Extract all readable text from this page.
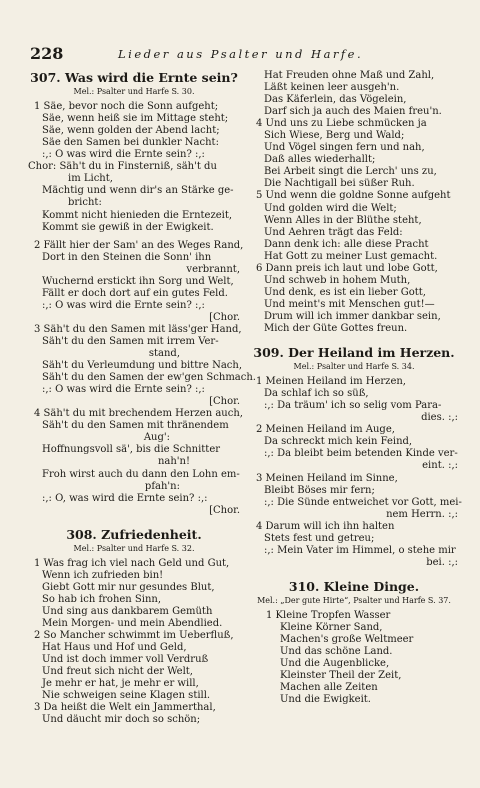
228	Lieder aus Psalter und Harfe.
307. Was wird die Ernte sein?
Mel.: Psalter und Harfe S. 30.
1 Säe, bevor noch die Sonn aufgeht;
Säe, wenn heiß sie im Mittage steht;
Säe, wenn golden der Abend lacht;
Säe den Samen bei dunkler Nacht:
:,: O was wird die Ernte sein? :,:
Chor: Säh't du in Finsterniß, säh't du
im Licht,
Mächtig und wenn dir's an Stärke ge-
bricht:
Kommt nicht hienieden die Erntezeit,
Kommt sie gewiß in der Ewigkeit.
2 Fällt hier der Sam' an des Weges Rand,
Dort in den Steinen die Sonn' ihn
verbrannt,
Wuchernd erstickt ihn Sorg und Welt,
Fällt er doch dort auf ein gutes Feld.
:,: O was wird die Ernte sein? :,:
[Chor.
3 Säh't du den Samen mit läss'ger Hand,
Säh't du den Samen mit irrem Ver-
stand,
Säh't du Verleumdung und bittre Nach,
Säh't du den Samen der ew'gen Schmach.
:,: O was wird die Ernte sein? :,:
[Chor.
4 Säh't du mit brechendem Herzen auch,
Säh't du den Samen mit thränendem
Aug':
Hoffnungsvoll sä', bis die Schnitter
nah'n!
Froh wirst auch du dann den Lohn em-
pfah'n:
:,: O, was wird die Ernte sein? :,:
[Chor.
308. Zufriedenheit.
Mel.: Psalter und Harfe S. 32.
1 Was frag ich viel nach Geld und Gut,
Wenn ich zufrieden bin!
Giebt Gott mir nur gesundes Blut,
So hab ich frohen Sinn,
Und sing aus dankbarem Gemüth
Mein Morgen- und mein Abendlied.
2 So Mancher schwimmt im Ueberfluß,
Hat Haus und Hof und Geld,
Und ist doch immer voll Verdruß
Und freut sich nicht der Welt,
Je mehr er hat, je mehr er will,
Nie schweigen seine Klagen still.
3 Da heißt die Welt ein Jammerthal,
Und däucht mir doch so schön;
Hat Freuden ohne Maß und Zahl,
Läßt keinen leer ausgeh'n.
Das Käferlein, das Vögelein,
Darf sich ja auch des Maien freu'n.
4 Und uns zu Liebe schmücken ja
Sich Wiese, Berg und Wald;
Und Vögel singen fern und nah,
Daß alles wiederhallt;
Bei Arbeit singt die Lerch' uns zu,
Die Nachtigall bei süßer Ruh.
5 Und wenn die goldne Sonne aufgeht
Und golden wird die Welt;
Wenn Alles in der Blüthe steht,
Und Aehren trägt das Feld:
Dann denk ich: alle diese Pracht
Hat Gott zu meiner Lust gemacht.
6 Dann preis ich laut und lobe Gott,
Und schweb in hohem Muth,
Und denk, es ist ein lieber Gott,
Und meint's mit Menschen gut!—
Drum will ich immer dankbar sein,
Mich der Güte Gottes freun.
309. Der Heiland im Herzen.
Mel.: Psalter und Harfe S. 34.
1 Meinen Heiland im Herzen,
Da schlaf ich so süß,
:,: Da träum' ich so selig vom Para-
dies. :,:
2 Meinen Heiland im Auge,
Da schreckt mich kein Feind,
:,: Da bleibt beim betenden Kinde ver-
eint. :,:
3 Meinen Heiland im Sinne,
Bleibt Böses mir fern;
:,: Die Sünde entweichet vor Gott, mei-
nem Herrn. :,:
4 Darum will ich ihn halten
Stets fest und getreu;
:,: Mein Vater im Himmel, o stehe mir
bei. :,:
310. Kleine Dinge.
Mel.: „Der gute Hirte“, Psalter und Harfe S. 37.
1 Kleine Tropfen Wasser
Kleine Körner Sand,
Machen's große Weltmeer
Und das schöne Land.
Und die Augenblicke,
Kleinster Theil der Zeit,
Machen alle Zeiten
Und die Ewigkeit.
